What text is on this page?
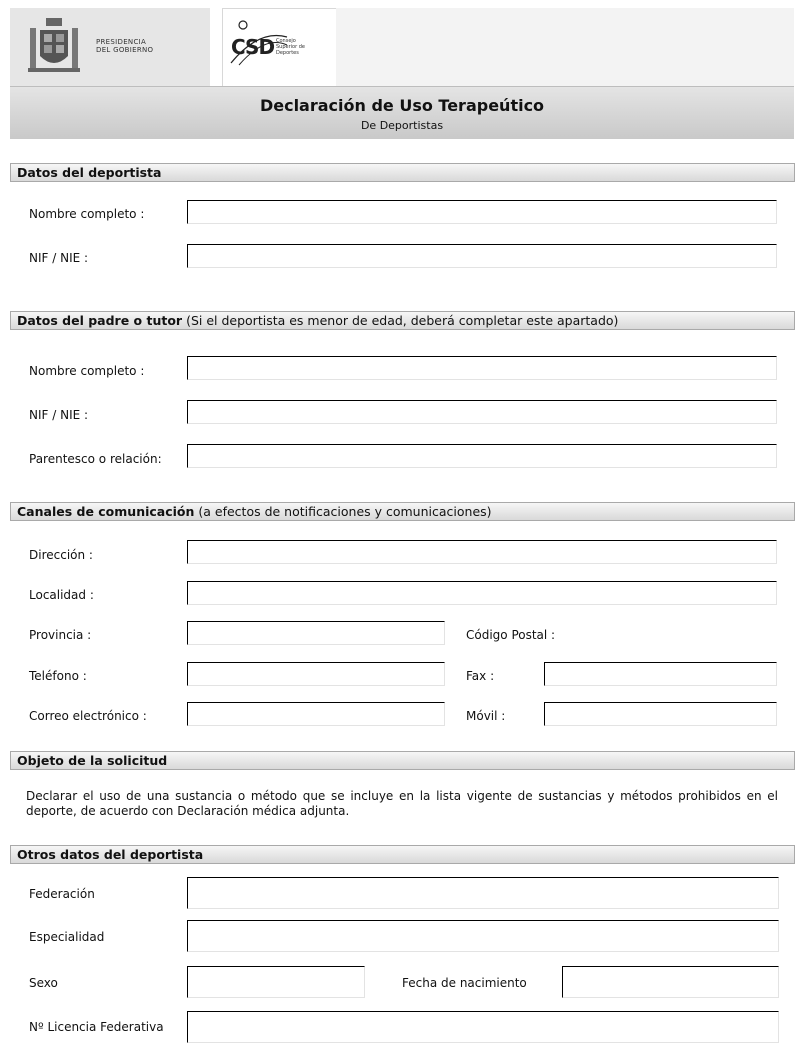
PRESIDENCIA
DEL GOBIERNO	CSD
Declaración de Uso Terapeútico
De Deportistas
Consejo
Superior de
Deportes
Datos del deportista
Nombre completo :
NIF / NIE :
Datos del padre o tutor (Si el deportista es menor de edad, deberá completar este apartado)
Nombre completo :
NIF / NIE :
Parentesco o relación:
Canales de comunicación (a efectos de notificaciones y comunicaciones)
Dirección :
Localidad :
Provincia :	Código Postal :
Teléfono :	Fax :
Correo electrónico :	Móvil :
Objeto de la solicitud
Declarar el uso de una sustancia o método que se incluye en la lista vigente de sustancias y métodos prohibidos en el deporte, de acuerdo con Declaración médica adjunta.
Otros datos del deportista
Federación
Especialidad
Sexo	Fecha de nacimiento
Nº Licencia Federativa
